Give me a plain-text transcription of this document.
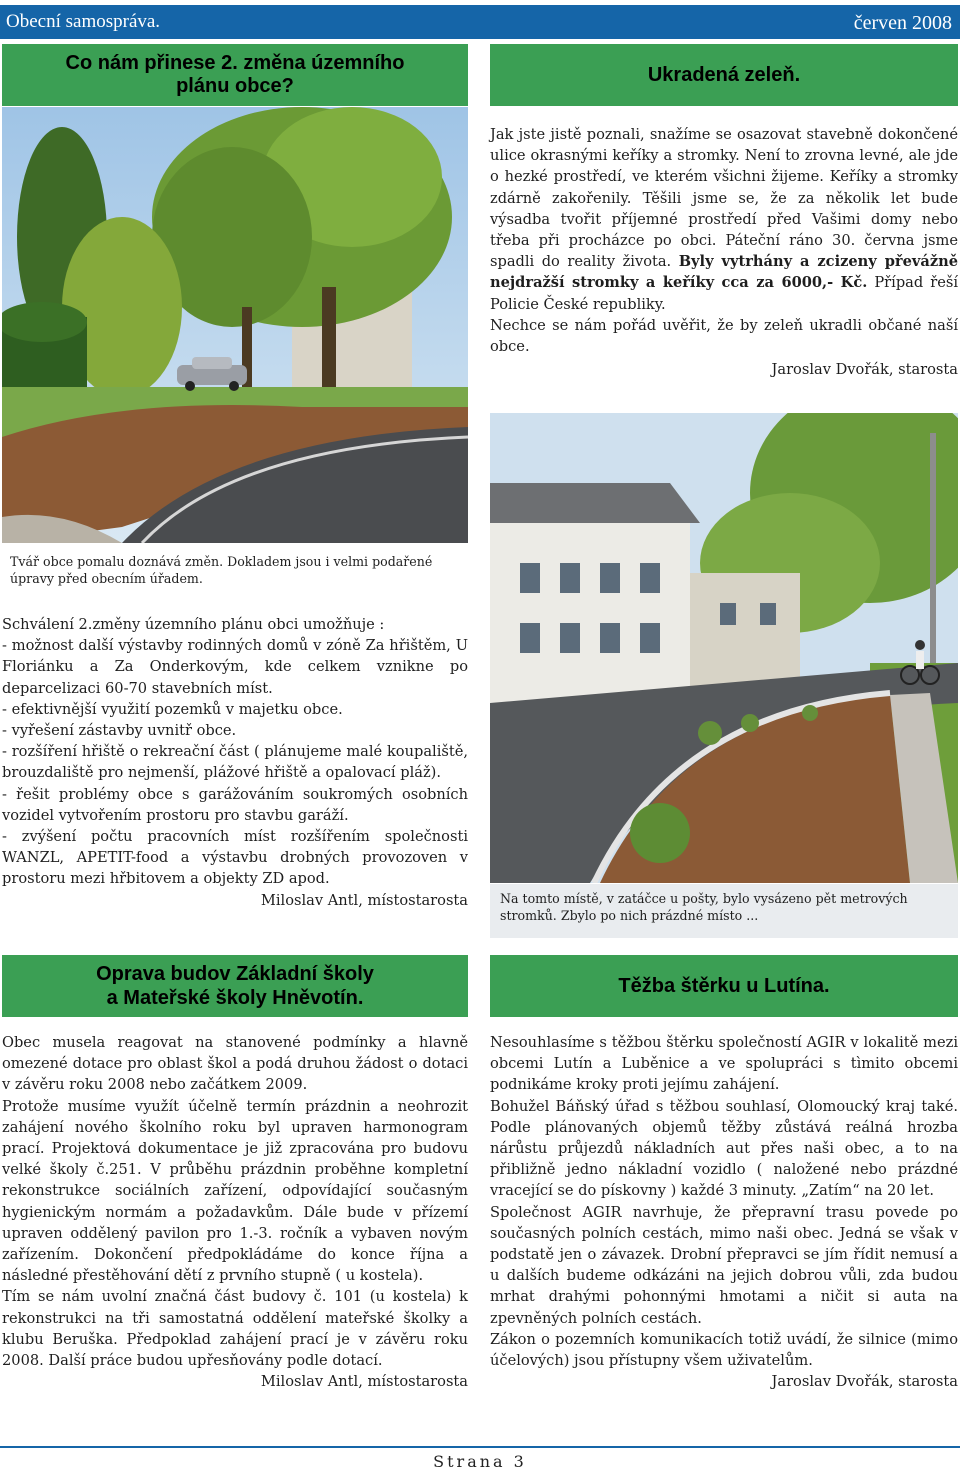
Obecní samospráva.	červen 2008
Co nám přinese 2. změna územního
plánu obce?
Tvář obce pomalu doznává změn. Dokladem jsou i velmi podařené úpravy před obecním úřadem.

Schválení 2.změny územního plánu obci umožňuje :

- možnost další výstavby rodinných domů v zóně Za hřištěm, U Floriánku a Za Onderkovým, kde celkem vznikne po deparcelizaci 60-70 stavebních míst.

- efektivnější využití pozemků v majetku obce.

- vyřešení zástavby uvnitř obce.

- rozšíření hřiště o rekreační část ( plánujeme malé koupaliště, brouzdaliště pro nejmenší, plážové hřiště a opalovací pláž).

- řešit problémy obce s garážováním soukromých osobních vozidel vytvořením prostoru pro stavbu garáží.

- zvýšení počtu pracovních míst rozšířením společnosti WANZL, APETIT-food a výstavbu drobných provozoven v prostoru mezi hřbitovem a objekty ZD apod.

Miloslav Antl, místostarosta

Ukradená zeleň.

Jak jste jistě poznali, snažíme se osazovat stavebně dokončené ulice okrasnými keříky a stromky. Není to zrovna levné, ale jde o hezké prostředí, ve kterém všichni žijeme. Keříky a stromky zdárně zakořenily. Těšili jsme se, že za několik let bude výsadba tvořit příjemné prostředí před Vašimi domy nebo třeba při procházce po obci. Páteční ráno 30. června jsme spadli do reality života. Byly vytrhány a zcizeny převážně nejdražší stromky a keříky cca za 6000,- Kč. Případ řeší Policie České republiky.

Nechce se nám pořád uvěřit, že by zeleň ukradli občané naší obce.

Jaroslav Dvořák, starosta

Na tomto místě, v zatáčce u pošty, bylo vysázeno pět metrových stromků. Zbylo po nich prázdné místo ...
Oprava budov Základní školy
a Mateřské školy Hněvotín.

Obec musela reagovat na stanovené podmínky a hlavně omezené dotace pro oblast škol a podá druhou žádost o dotaci v závěru roku 2008 nebo začátkem 2009.

Protože musíme využít účelně termín prázdnin a neohrozit zahájení nového školního roku byl upraven harmonogram prací. Projektová dokumentace je již zpracována pro budovu velké školy č.251. V průběhu prázdnin proběhne kompletní rekonstrukce sociálních zařízení, odpovídající současným hygienickým normám a požadavkům. Dále bude v přízemí upraven oddělený pavilon pro 1.-3. ročník a vybaven novým zařízením. Dokončení předpokládáme do konce října a následné přestěhování dětí z prvního stupně ( u kostela).

Tím se nám uvolní značná část budovy č. 101 (u kostela) k rekonstrukci na tři samostatná oddělení mateřské školky a klubu Beruška. Předpoklad zahájení prací je v závěru roku 2008. Další práce budou upřesňovány podle dotací.

Miloslav Antl, místostarosta

Těžba štěrku u Lutína.

Nesouhlasíme s těžbou štěrku společností AGIR v lokalitě mezi obcemi Lutín a Luběnice a ve spolupráci s tìmito obcemi podnikáme kroky proti jejímu zahájení.

Bohužel Báňský úřad s těžbou souhlasí, Olomoucký kraj také. Podle plánovaných objemů těžby zůstává reálná hrozba nárůstu průjezdů nákladních aut přes naši obec, a to na přibližně jedno nákladní vozidlo ( naložené nebo prázdné vracející se do pískovny ) každé 3 minuty. „Zatím“ na 20 let.

Společnost AGIR navrhuje, že přepravní trasu povede po současných polních cestách, mimo naši obec. Jedná se však v podstatě jen o závazek. Drobní přepravci se jím řídit nemusí a u dalších budeme odkázáni na jejich dobrou vůli, zda budou mrhat drahými pohonnými hmotami a ničit si auta na zpevněných polních cestách.

Zákon o pozemních komunikacích totiž uvádí, že silnice (mimo účelových) jsou přístupny všem uživatelům.

Jaroslav Dvořák, starosta

Strana 3
